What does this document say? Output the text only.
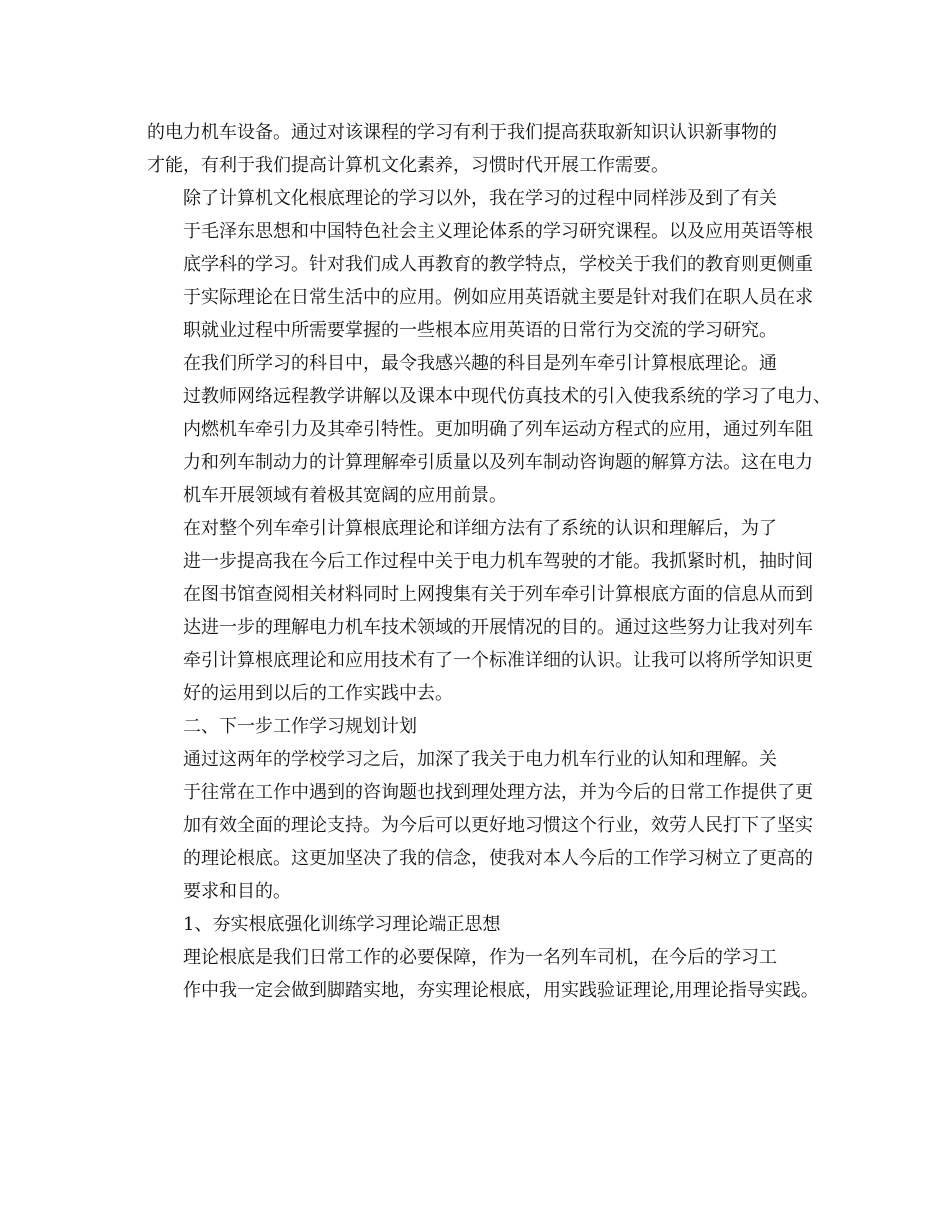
的电力机车设备。通过对该课程的学习有利于我们提高获取新知识认识新事物的
才能，有利于我们提高计算机文化素养，习惯时代开展工作需要。

除了计算机文化根底理论的学习以外，我在学习的过程中同样涉及到了有关
于毛泽东思想和中国特色社会主义理论体系的学习研究课程。以及应用英语等根
底学科的学习。针对我们成人再教育的教学特点，学校关于我们的教育则更侧重
于实际理论在日常生活中的应用。例如应用英语就主要是针对我们在职人员在求
职就业过程中所需要掌握的一些根本应用英语的日常行为交流的学习研究。

在我们所学习的科目中，最令我感兴趣的科目是列车牵引计算根底理论。通
过教师网络远程教学讲解以及课本中现代仿真技术的引入使我系统的学习了电力、
内燃机车牵引力及其牵引特性。更加明确了列车运动方程式的应用，通过列车阻
力和列车制动力的计算理解牵引质量以及列车制动咨询题的解算方法。这在电力
机车开展领域有着极其宽阔的应用前景。

在对整个列车牵引计算根底理论和详细方法有了系统的认识和理解后，为了
进一步提高我在今后工作过程中关于电力机车驾驶的才能。我抓紧时机，抽时间
在图书馆查阅相关材料同时上网搜集有关于列车牵引计算根底方面的信息从而到
达进一步的理解电力机车技术领域的开展情况的目的。通过这些努力让我对列车
牵引计算根底理论和应用技术有了一个标准详细的认识。让我可以将所学知识更
好的运用到以后的工作实践中去。

二、下一步工作学习规划计划

通过这两年的学校学习之后，加深了我关于电力机车行业的认知和理解。关
于往常在工作中遇到的咨询题也找到理处理方法，并为今后的日常工作提供了更
加有效全面的理论支持。为今后可以更好地习惯这个行业，效劳人民打下了坚实
的理论根底。这更加坚决了我的信念，使我对本人今后的工作学习树立了更高的
要求和目的。

1、夯实根底强化训练学习理论端正思想

理论根底是我们日常工作的必要保障，作为一名列车司机，在今后的学习工
作中我一定会做到脚踏实地，夯实理论根底，用实践验证理论,用理论指导实践。
